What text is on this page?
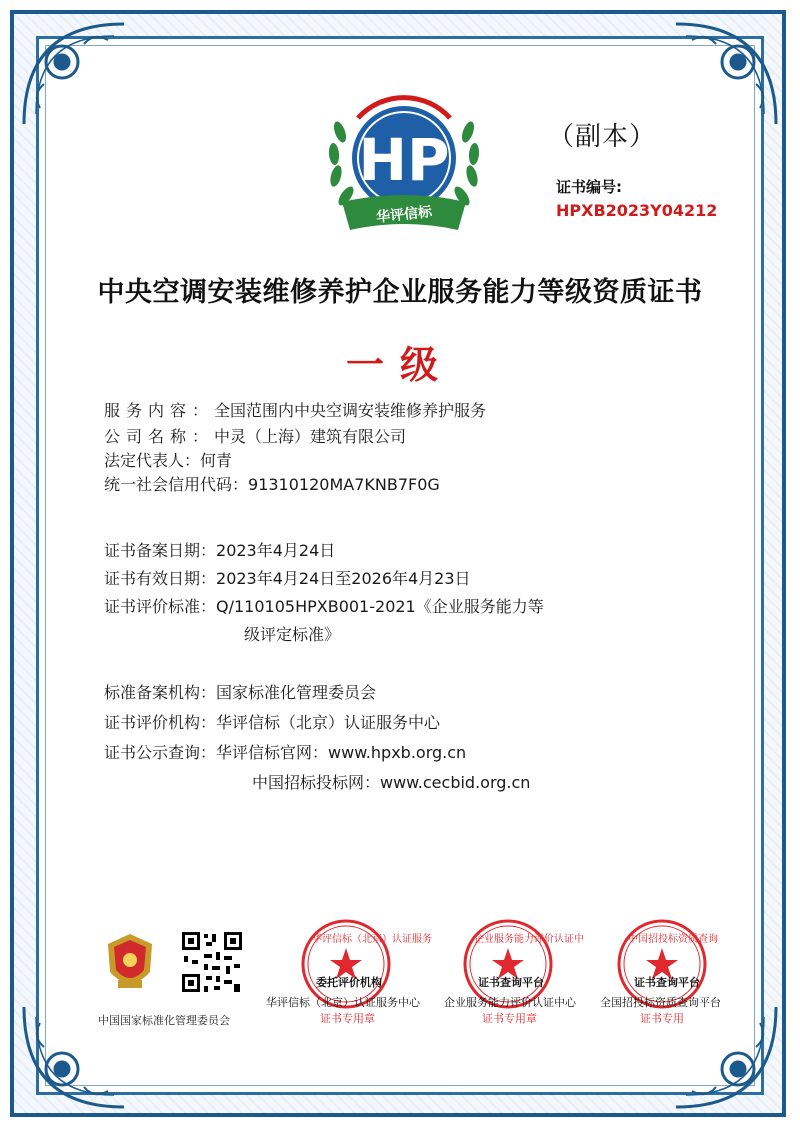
HP
华评信标
（副本）
证书编号:
HPXB2023Y04212
中央空调安装维修养护企业服务能力等级资质证书
一级
服务内容：全国范围内中央空调安装维修养护服务
公司名称：中灵（上海）建筑有限公司
法定代表人：何青
统一社会信用代码：91310120MA7KNB7F0G
证书备案日期：2023年4月24日
证书有效日期：2023年4月24日至2026年4月23日
证书评价标准：Q/110105HPXB001-2021《企业服务能力等
级评定标准》
标准备案机构：国家标准化管理委员会
证书评价机构：华评信标（北京）认证服务中心
证书公示查询：华评信标官网：www.hpxb.org.cn
中国招标投标网：www.cecbid.org.cn
中国国家标准化管理委员会
华评信标（北京）认证服务	企业服务能力评价认证中	中国招投标资质查询
委托评价机构	证书查询平台	证书查询平台
华评信标（北京）认证服务中心 企业服务能力评价认证中心 全国招投标资质查询平台
证书专用章	证书专用章	证书专用
